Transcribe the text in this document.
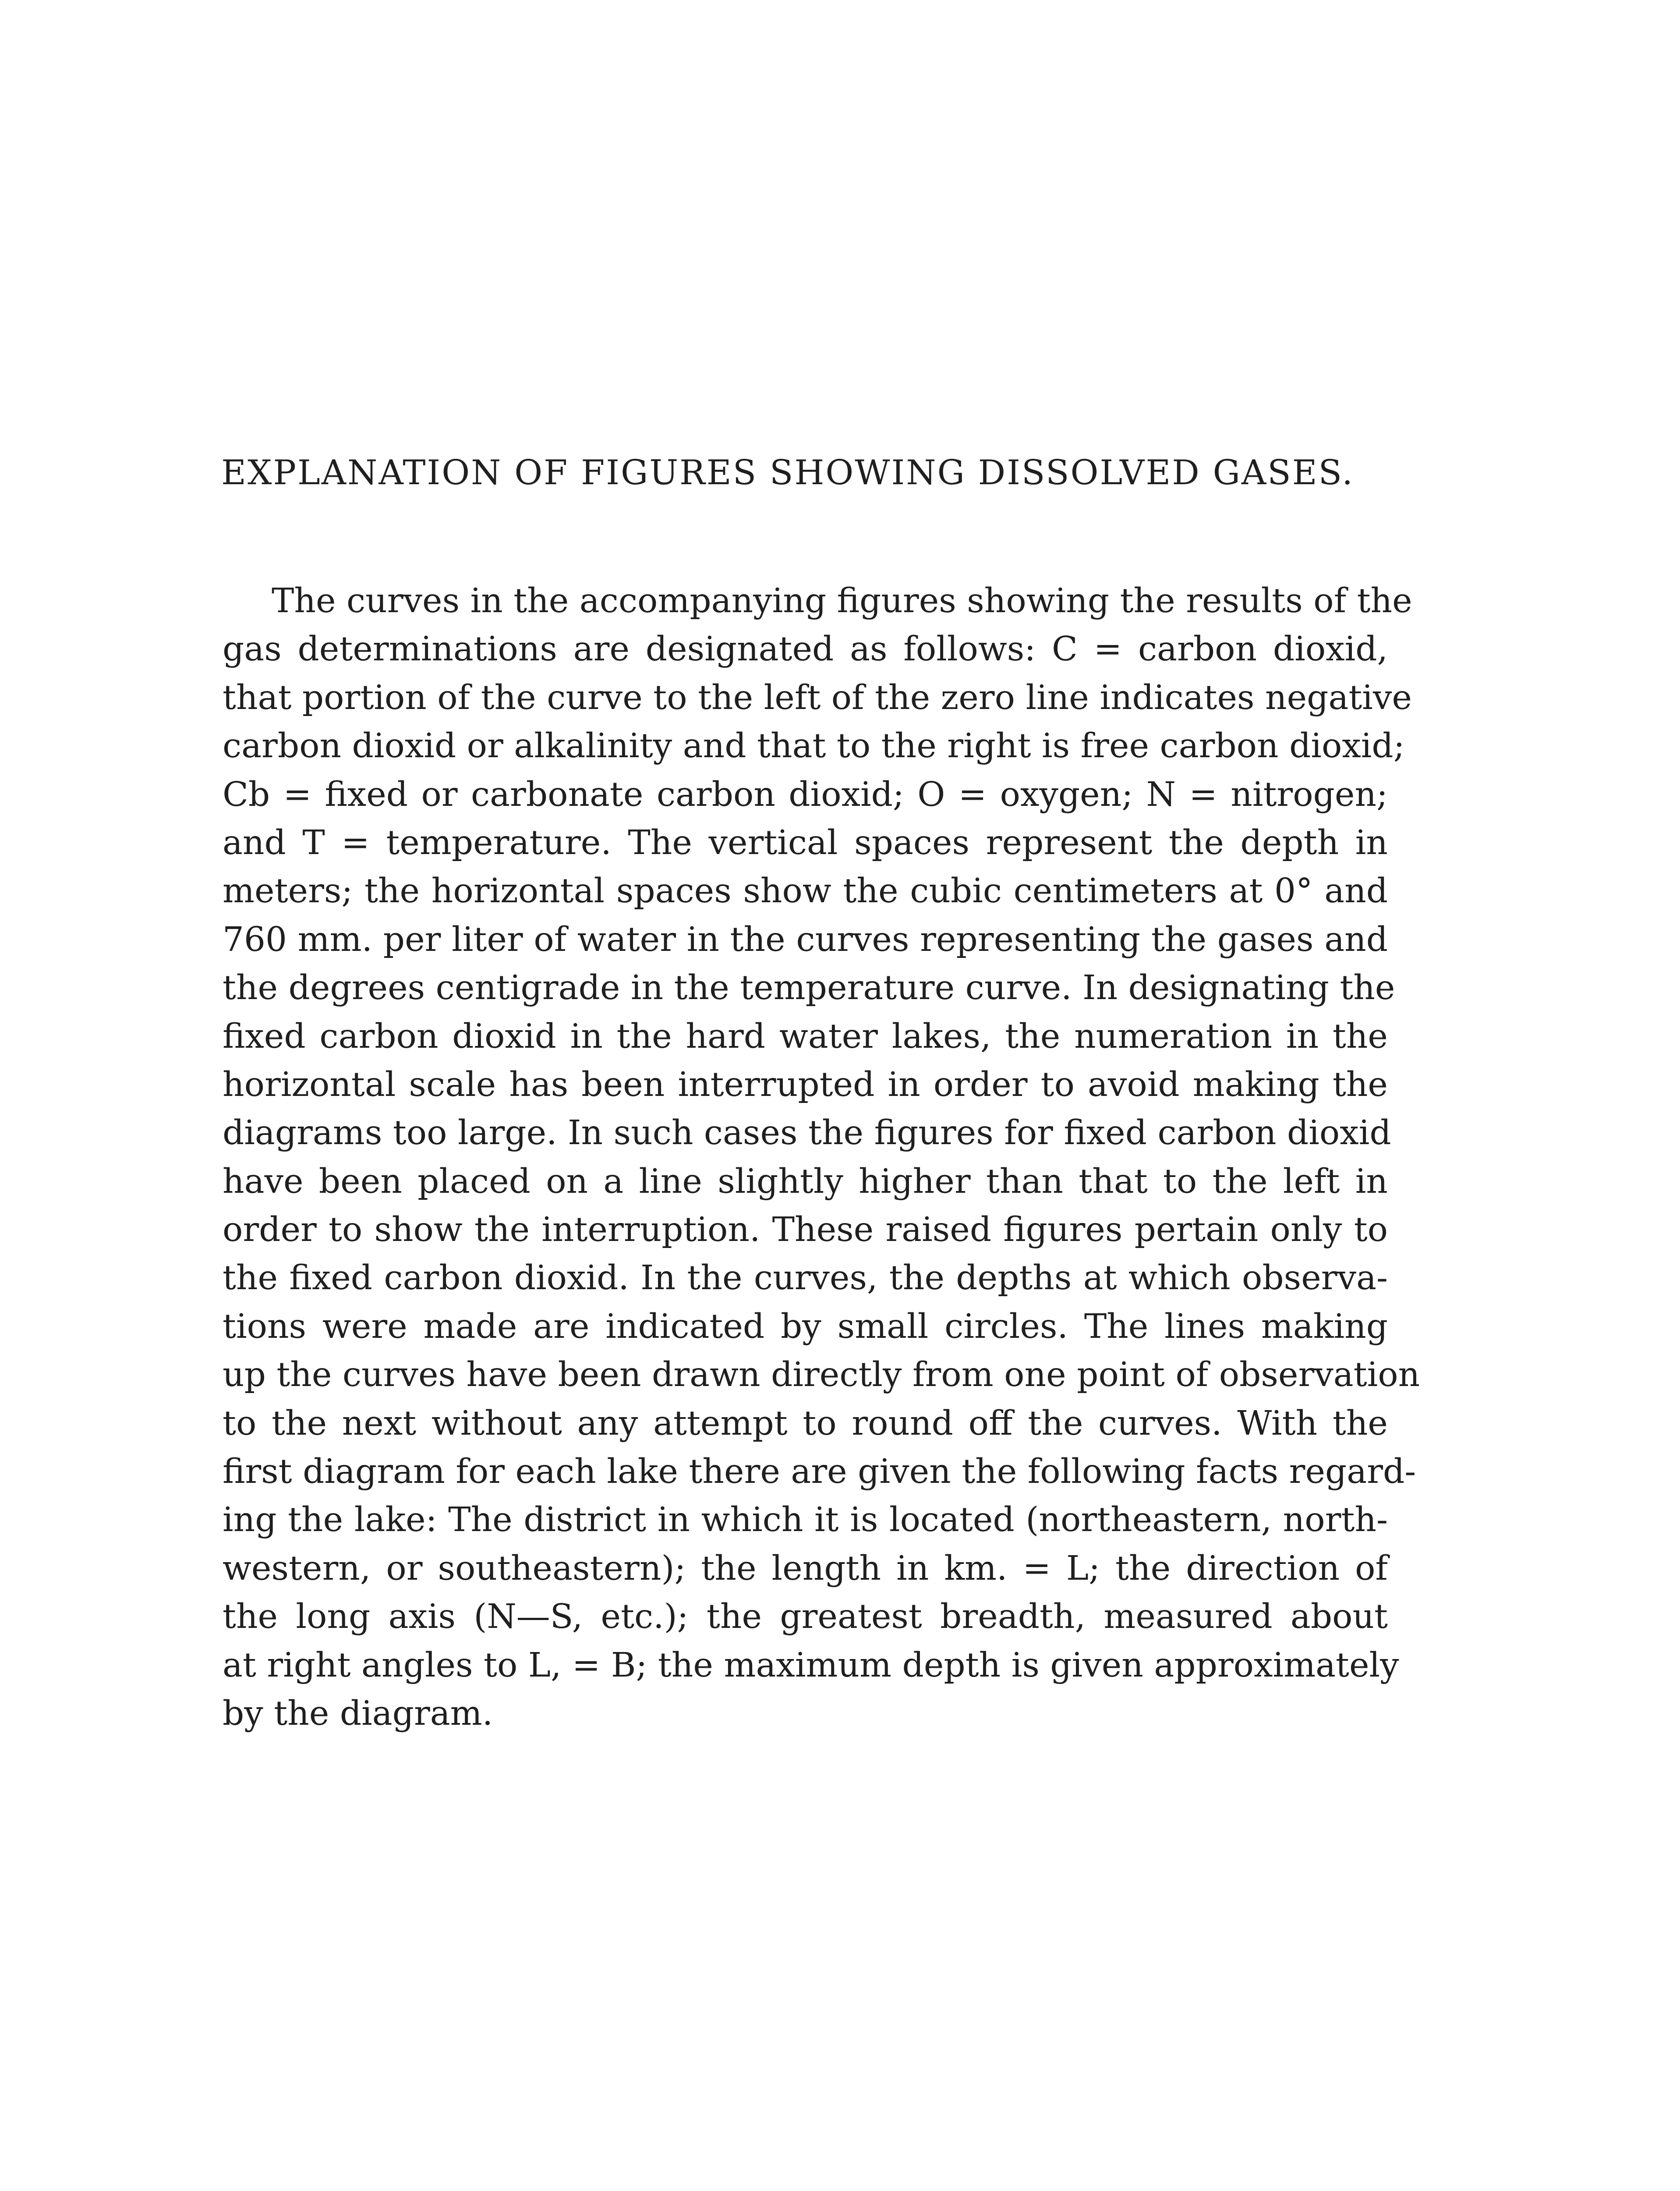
EXPLANATION OF FIGURES SHOWING DISSOLVED GASES.
The curves in the accompanying figures showing the results of the
gas determinations are designated as follows: C = carbon dioxid,
that portion of the curve to the left of the zero line indicates negative
carbon dioxid or alkalinity and that to the right is free carbon dioxid;
Cb = fixed or carbonate carbon dioxid; O = oxygen; N = nitrogen;
and T = temperature. The vertical spaces represent the depth in
meters; the horizontal spaces show the cubic centimeters at 0° and
760 mm. per liter of water in the curves representing the gases and
the degrees centigrade in the temperature curve. In designating the
fixed carbon dioxid in the hard water lakes, the numeration in the
horizontal scale has been interrupted in order to avoid making the
diagrams too large. In such cases the figures for fixed carbon dioxid
have been placed on a line slightly higher than that to the left in
order to show the interruption. These raised figures pertain only to
the fixed carbon dioxid. In the curves, the depths at which observa-
tions were made are indicated by small circles. The lines making
up the curves have been drawn directly from one point of observation
to the next without any attempt to round off the curves. With the
first diagram for each lake there are given the following facts regard-
ing the lake: The district in which it is located (northeastern, north-
western, or southeastern); the length in km. = L; the direction of
the long axis (N—S, etc.); the greatest breadth, measured about
at right angles to L, = B; the maximum depth is given approximately
by the diagram.
